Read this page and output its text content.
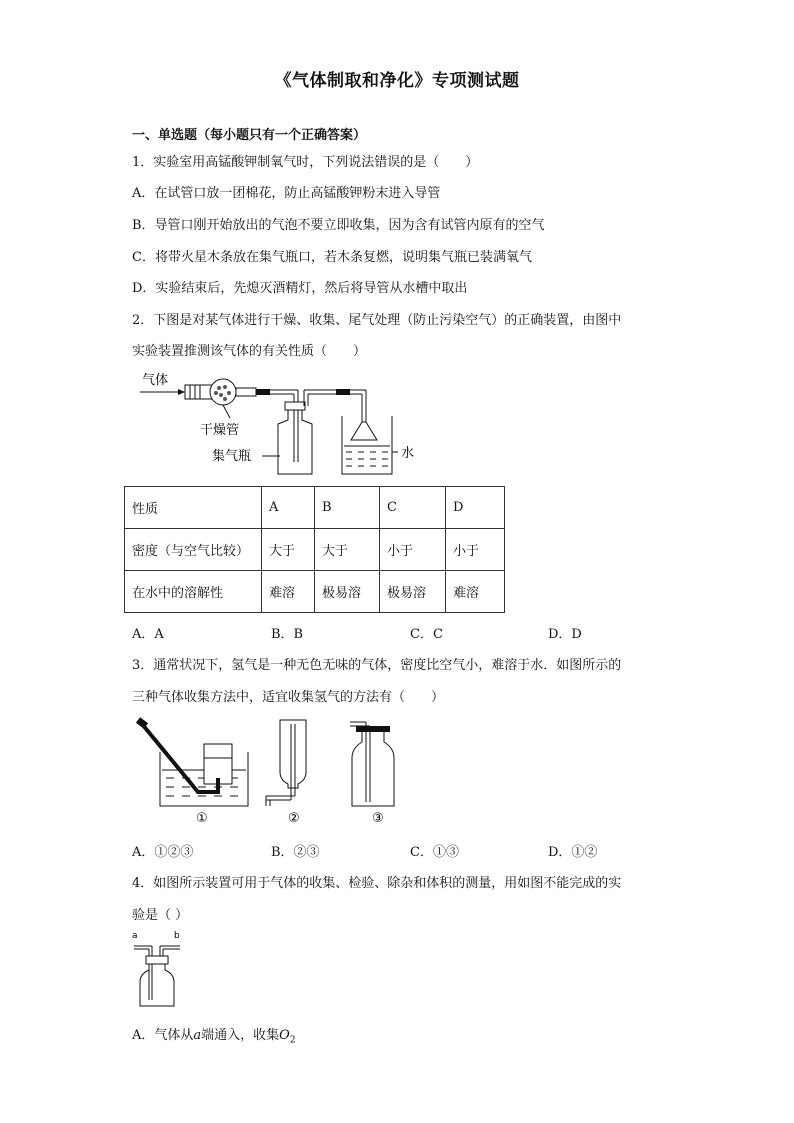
《气体制取和净化》专项测试题
一、单选题（每小题只有一个正确答案）
1．实验室用高锰酸钾制氧气时，下列说法错误的是（　　）
A．在试管口放一团棉花，防止高锰酸钾粉末进入导管
B．导管口刚开始放出的气泡不要立即收集，因为含有试管内原有的空气
C．将带火星木条放在集气瓶口，若木条复燃，说明集气瓶已装满氧气
D．实验结束后，先熄灭酒精灯，然后将导管从水槽中取出
2．下图是对某气体进行干燥、收集、尾气处理（防止污染空气）的正确装置，由图中
实验装置推测该气体的有关性质（　　）
气体
干燥管
集气瓶	水
性质	A	B	C	D
密度（与空气比较）	大于	大于	小于	小于
在水中的溶解性	难溶	极易溶	极易溶	难溶
A．A	B．B	C．C	D．D
3．通常状况下，氢气是一种无色无味的气体，密度比空气小，难溶于水．如图所示的
三种气体收集方法中，适宜收集氢气的方法有（　　）
①	②	③
A．①②③	B．②③	C．①③	D．①②
4．如图所示装置可用于气体的收集、检验、除杂和体积的测量，用如图不能完成的实
验是（ ）
a	b
A．气体从a端通入，收集$O_2$
